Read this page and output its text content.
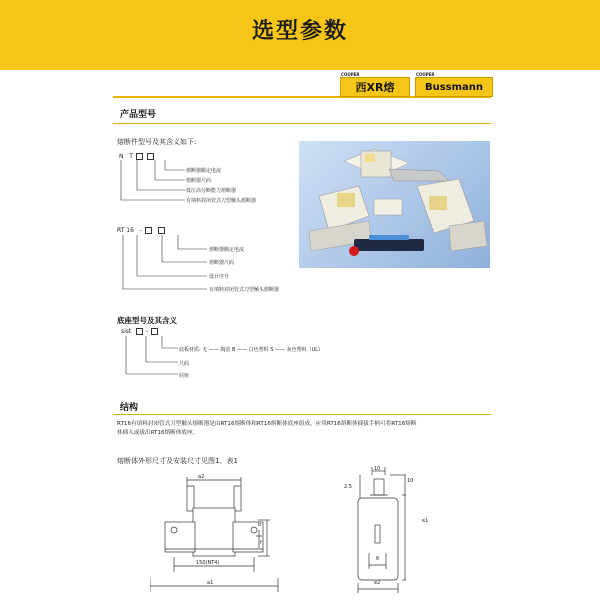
选型参数
COOPER
西XR熔
COOPER
Bussmann
产品型号
熔断件型号及其含义如下:
N T
熔断器额定电流
熔断器尺码
低压高分断能力熔断器
有填料封闭管式刀型触头熔断器
RT 16 -
熔断器额定电流
熔断器尺码
设计序号
有填料封闭管式刀型触头熔断器
底座型号及其含义
sist -
底板材质: 无 —— 陶瓷 B —— 白色塑料 S —— 灰色塑料（UL）
尺码
底座
结构
RT16有填料封闭管式刀型触头熔断器是由RT16熔断体和RT16熔断体底座组成，应用RT16熔断体插拔手柄可将RT16熔断
体插入或拔出RT16熔断体底座。
熔断体外形尺寸及安装尺寸见图1、表1
a2
b
f
150(NT4)
a1
10
2.5
10
e1
6
e2
